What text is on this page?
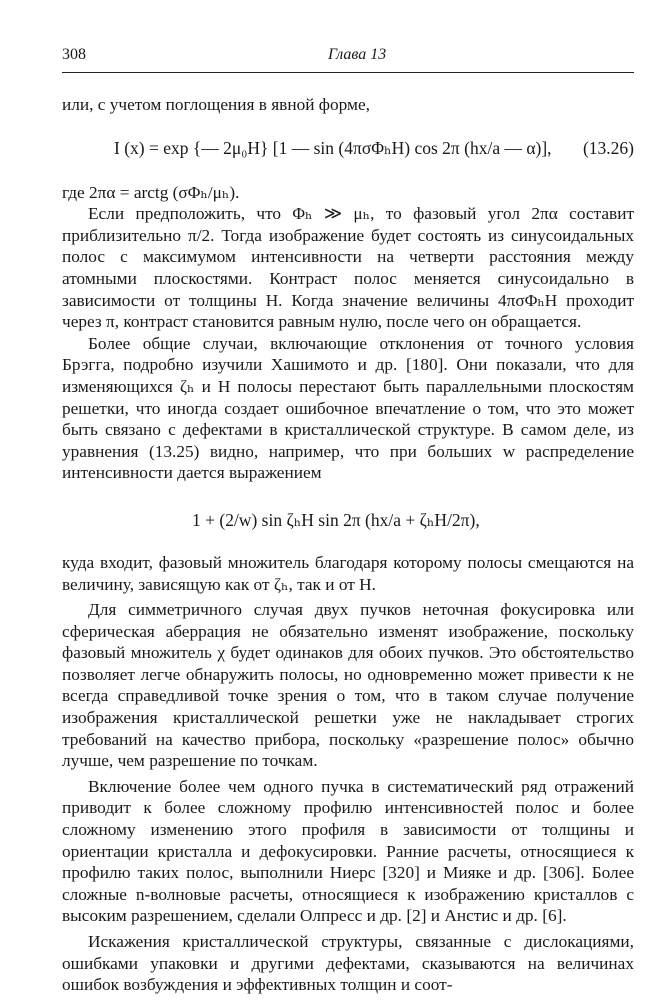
308	Глава 13

или, с учетом поглощения в явной форме,

I (x) = exp {— 2μ₀H} [1 — sin (4πσΦₕH) cos 2π (hx/a — α)], (13.26)

где 2πα = arctg (σΦₕ/μₕ).

Если предположить, что Φₕ ≫ μₕ, то фазовый угол 2πα составит приблизительно π/2. Тогда изображение будет состоять из синусоидальных полос с максимумом интенсивности на четверти расстояния между атомными плоскостями. Контраст полос меняется синусоидально в зависимости от толщины H. Когда значение величины 4πσΦₕH проходит через π, контраст становится равным нулю, после чего он обращается.

Более общие случаи, включающие отклонения от точного условия Брэгга, подробно изучили Хашимото и др. [180]. Они показали, что для изменяющихся ζₕ и H полосы перестают быть параллельными плоскостям решетки, что иногда создает ошибочное впечатление о том, что это может быть связано с дефектами в кристаллической структуре. В самом деле, из уравнения (13.25) видно, например, что при больших w распределение интенсивности дается выражением

1 + (2/w) sin ζₕH sin 2π (hx/a + ζₕH/2π),

куда входит, фазовый множитель благодаря которому полосы смещаются на величину, зависящую как от ζₕ, так и от H.

Для симметричного случая двух пучков неточная фокусировка или сферическая аберрация не обязательно изменят изображение, поскольку фазовый множитель χ будет одинаков для обоих пучков. Это обстоятельство позволяет легче обнаружить полосы, но одновременно может привести к не всегда справедливой точке зрения о том, что в таком случае получение изображения кристаллической решетки уже не накладывает строгих требований на качество прибора, поскольку «разрешение полос» обычно лучше, чем разрешение по точкам.

Включение более чем одного пучка в систематический ряд отражений приводит к более сложному профилю интенсивностей полос и более сложному изменению этого профиля в зависимости от толщины и ориентации кристалла и дефокусировки. Ранние расчеты, относящиеся к профилю таких полос, выполнили Ниерс [320] и Мияке и др. [306]. Более сложные n-волновые расчеты, относящиеся к изображению кристаллов с высоким разрешением, сделали Олпресс и др. [2] и Анстис и др. [6].

Искажения кристаллической структуры, связанные с дислокациями, ошибками упаковки и другими дефектами, сказываются на величинах ошибок возбуждения и эффективных толщин и соот-
